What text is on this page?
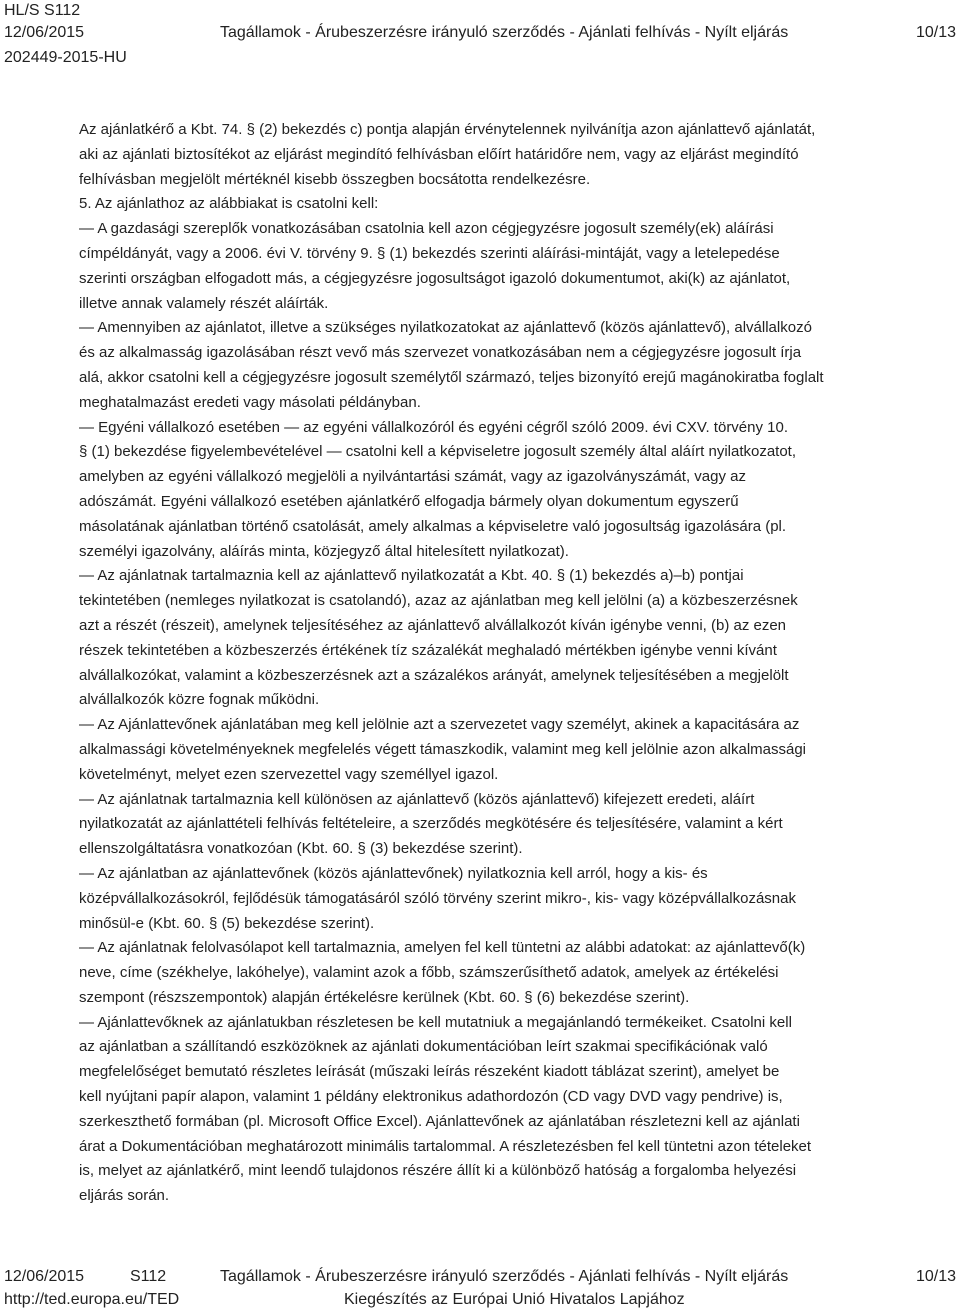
HL/S S112
12/06/2015	Tagállamok - Árubeszerzésre irányuló szerződés - Ajánlati felhívás - Nyílt eljárás	10/13
202449-2015-HU

Az ajánlatkérő a Kbt. 74. § (2) bekezdés c) pontja alapján érvénytelennek nyilvánítja azon ajánlattevő ajánlatát,

aki az ajánlati biztosítékot az eljárást megindító felhívásban előírt határidőre nem, vagy az eljárást megindító

felhívásban megjelölt mértéknél kisebb összegben bocsátotta rendelkezésre.

5. Az ajánlathoz az alábbiakat is csatolni kell:

— A gazdasági szereplők vonatkozásában csatolnia kell azon cégjegyzésre jogosult személy(ek) aláírási

címpéldányát, vagy a 2006. évi V. törvény 9. § (1) bekezdés szerinti aláírási-mintáját, vagy a letelepedése

szerinti országban elfogadott más, a cégjegyzésre jogosultságot igazoló dokumentumot, aki(k) az ajánlatot,

illetve annak valamely részét aláírták.

— Amennyiben az ajánlatot, illetve a szükséges nyilatkozatokat az ajánlattevő (közös ajánlattevő), alvállalkozó

és az alkalmasság igazolásában részt vevő más szervezet vonatkozásában nem a cégjegyzésre jogosult írja

alá, akkor csatolni kell a cégjegyzésre jogosult személytől származó, teljes bizonyító erejű magánokiratba foglalt

meghatalmazást eredeti vagy másolati példányban.

— Egyéni vállalkozó esetében — az egyéni vállalkozóról és egyéni cégről szóló 2009. évi CXV. törvény 10.

§ (1) bekezdése figyelembevételével — csatolni kell a képviseletre jogosult személy által aláírt nyilatkozatot,

amelyben az egyéni vállalkozó megjelöli a nyilvántartási számát, vagy az igazolványszámát, vagy az

adószámát. Egyéni vállalkozó esetében ajánlatkérő elfogadja bármely olyan dokumentum egyszerű

másolatának ajánlatban történő csatolását, amely alkalmas a képviseletre való jogosultság igazolására (pl.

személyi igazolvány, aláírás minta, közjegyző által hitelesített nyilatkozat).

— Az ajánlatnak tartalmaznia kell az ajánlattevő nyilatkozatát a Kbt. 40. § (1) bekezdés a)–b) pontjai

tekintetében (nemleges nyilatkozat is csatolandó), azaz az ajánlatban meg kell jelölni (a) a közbeszerzésnek

azt a részét (részeit), amelynek teljesítéséhez az ajánlattevő alvállalkozót kíván igénybe venni, (b) az ezen

részek tekintetében a közbeszerzés értékének tíz százalékát meghaladó mértékben igénybe venni kívánt

alvállalkozókat, valamint a közbeszerzésnek azt a százalékos arányát, amelynek teljesítésében a megjelölt

alvállalkozók közre fognak működni.

— Az Ajánlattevőnek ajánlatában meg kell jelölnie azt a szervezetet vagy személyt, akinek a kapacitására az

alkalmassági követelményeknek megfelelés végett támaszkodik, valamint meg kell jelölnie azon alkalmassági

követelményt, melyet ezen szervezettel vagy személlyel igazol.

— Az ajánlatnak tartalmaznia kell különösen az ajánlattevő (közös ajánlattevő) kifejezett eredeti, aláírt

nyilatkozatát az ajánlattételi felhívás feltételeire, a szerződés megkötésére és teljesítésére, valamint a kért

ellenszolgáltatásra vonatkozóan (Kbt. 60. § (3) bekezdése szerint).

— Az ajánlatban az ajánlattevőnek (közös ajánlattevőnek) nyilatkoznia kell arról, hogy a kis- és

középvállalkozásokról, fejlődésük támogatásáról szóló törvény szerint mikro-, kis- vagy középvállalkozásnak

minősül-e (Kbt. 60. § (5) bekezdése szerint).

— Az ajánlatnak felolvasólapot kell tartalmaznia, amelyen fel kell tüntetni az alábbi adatokat: az ajánlattevő(k)

neve, címe (székhelye, lakóhelye), valamint azok a főbb, számszerűsíthető adatok, amelyek az értékelési

szempont (részszempontok) alapján értékelésre kerülnek (Kbt. 60. § (6) bekezdése szerint).

— Ajánlattevőknek az ajánlatukban részletesen be kell mutatniuk a megajánlandó termékeiket. Csatolni kell

az ajánlatban a szállítandó eszközöknek az ajánlati dokumentációban leírt szakmai specifikációnak való

megfelelőséget bemutató részletes leírását (műszaki leírás részeként kiadott táblázat szerint), amelyet be

kell nyújtani papír alapon, valamint 1 példány elektronikus adathordozón (CD vagy DVD vagy pendrive) is,

szerkeszthető formában (pl. Microsoft Office Excel). Ajánlattevőnek az ajánlatában részletezni kell az ajánlati

árat a Dokumentációban meghatározott minimális tartalommal. A részletezésben fel kell tüntetni azon tételeket

is, melyet az ajánlatkérő, mint leendő tulajdonos részére állít ki a különböző hatóság a forgalomba helyezési

eljárás során.

12/06/2015	S112	Tagállamok - Árubeszerzésre irányuló szerződés - Ajánlati felhívás - Nyílt eljárás	10/13
http://ted.europa.eu/TED	Kiegészítés az Európai Unió Hivatalos Lapjához
